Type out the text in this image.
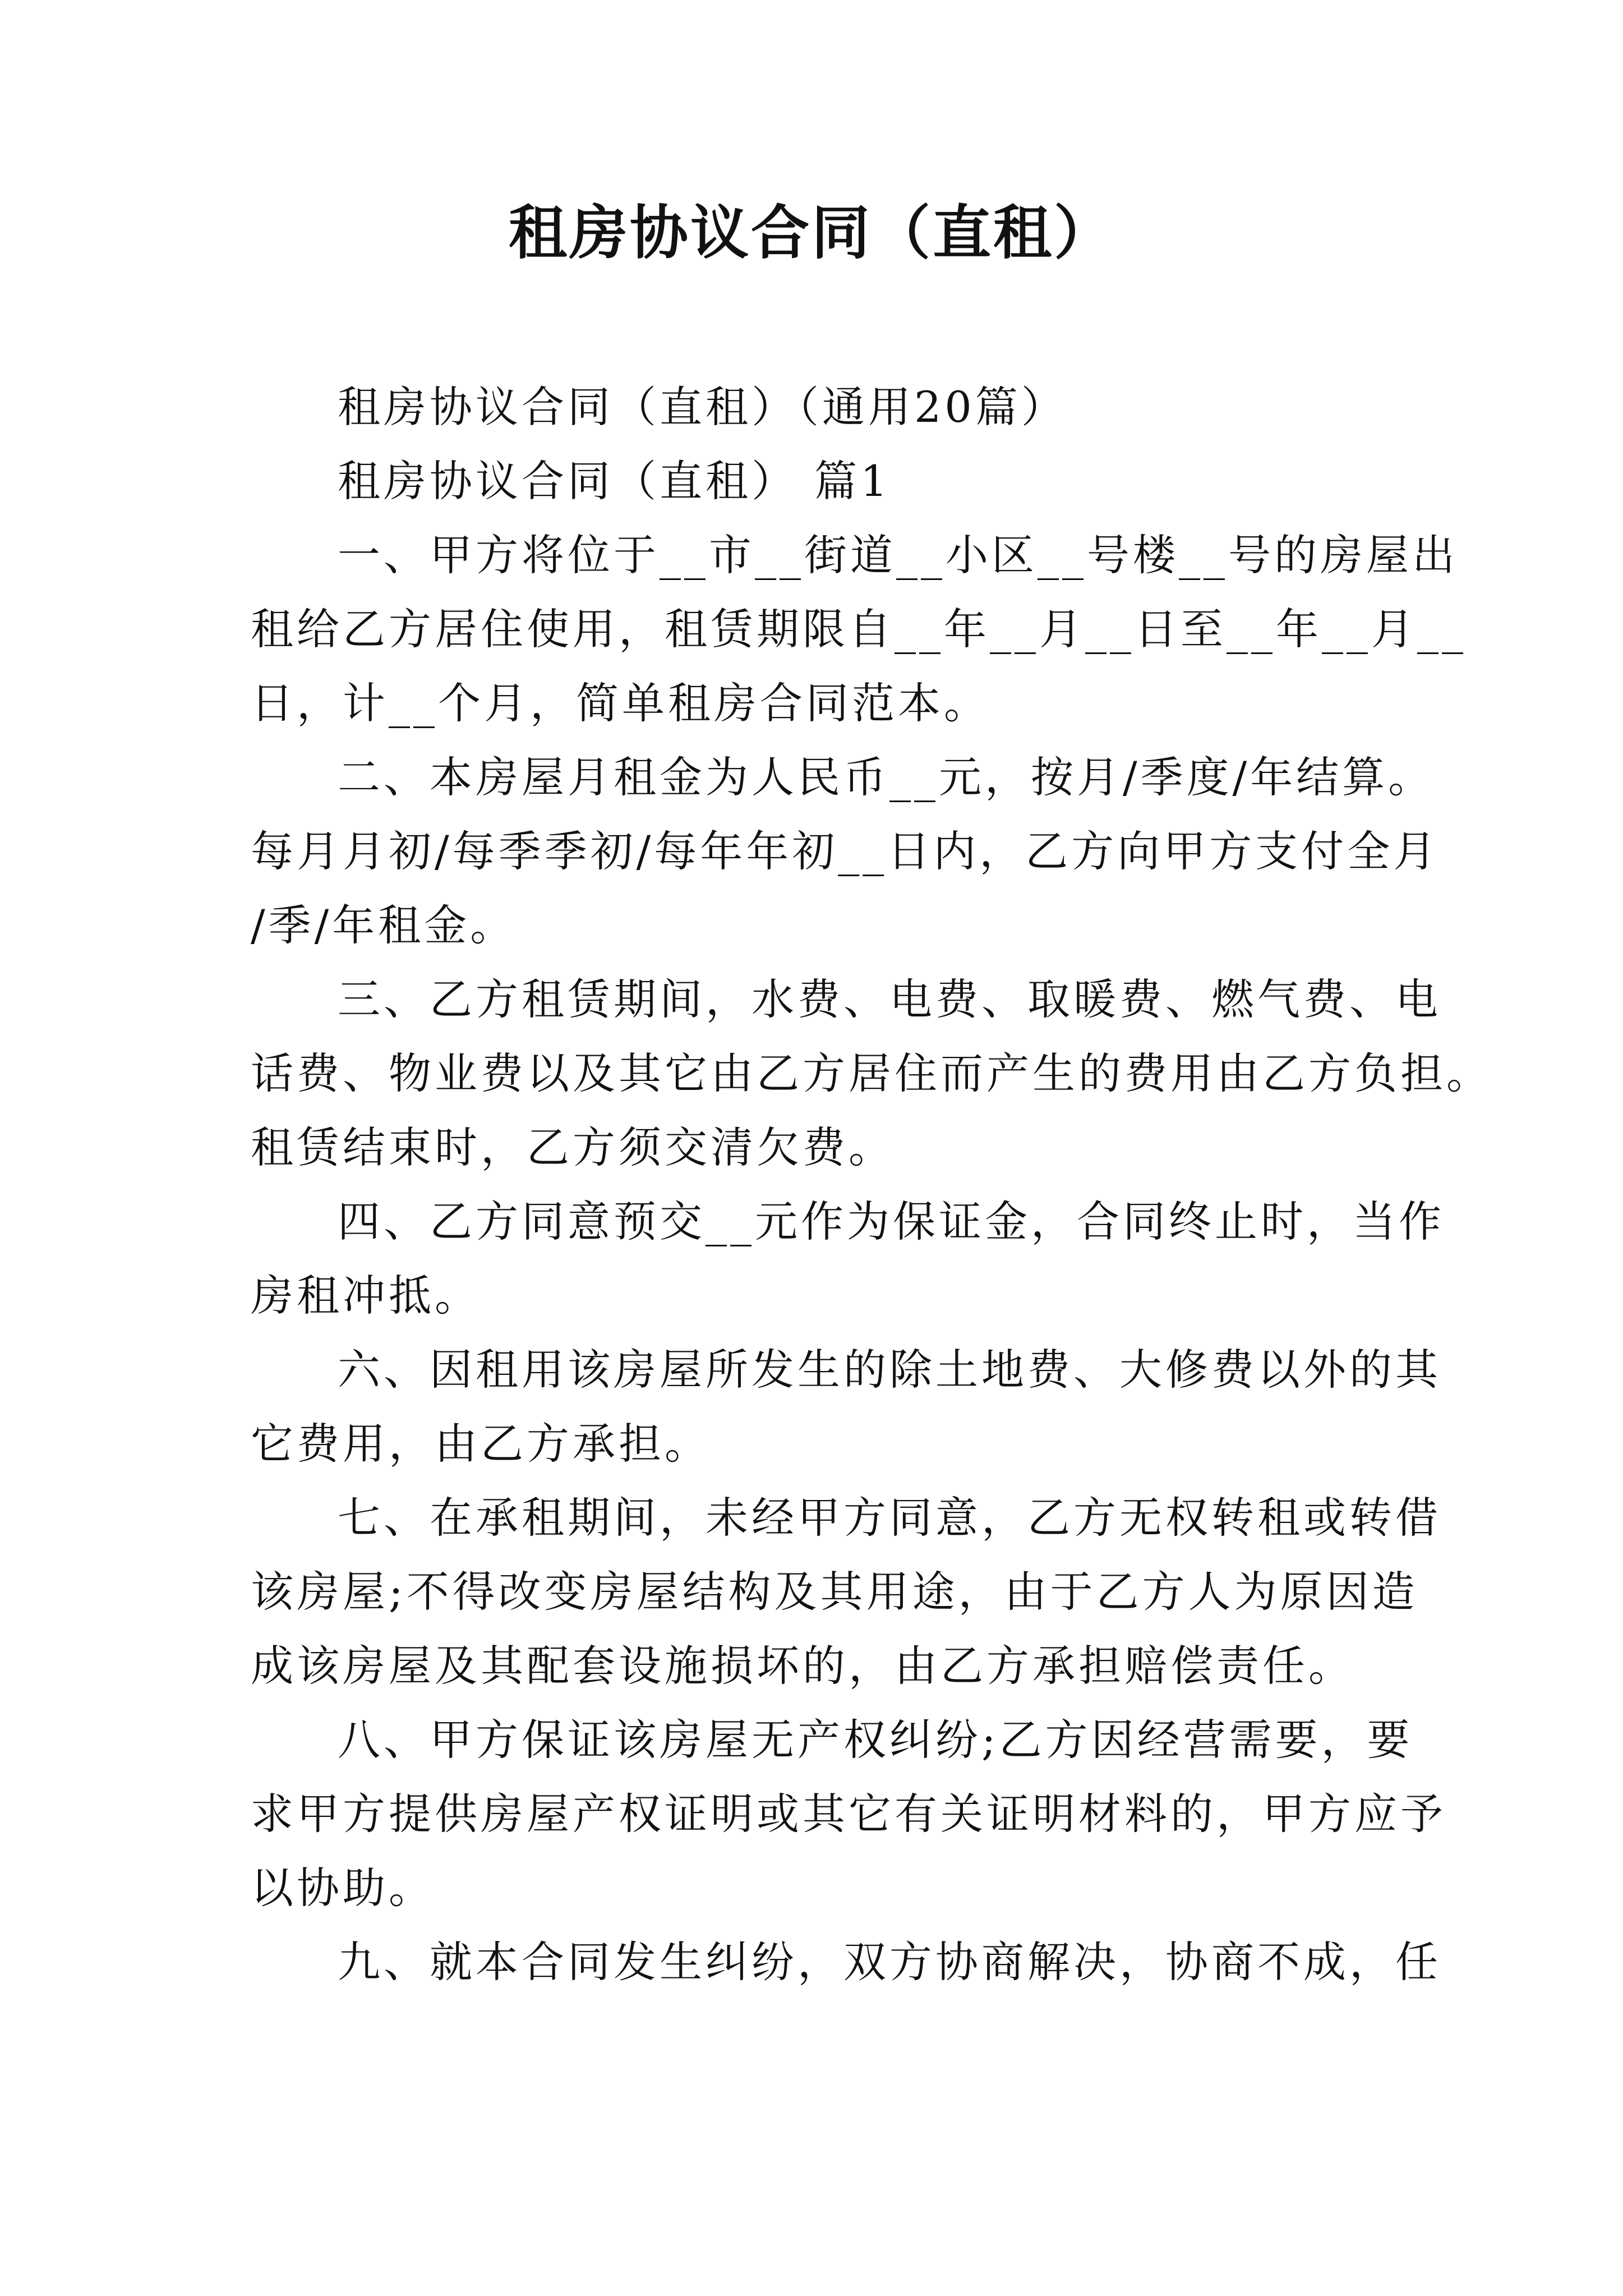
租房协议合同（直租）
租房协议合同（直租）（通用20篇）
租房协议合同（直租） 篇1
一、甲方将位于__市__街道__小区__号楼__号的房屋出
租给乙方居住使用，租赁期限自__年__月__日至__年__月__
日，计__个月，简单租房合同范本。
二、本房屋月租金为人民币__元，按月/季度/年结算。
每月月初/每季季初/每年年初__日内，乙方向甲方支付全月
/季/年租金。
三、乙方租赁期间，水费、电费、取暖费、燃气费、电
话费、物业费以及其它由乙方居住而产生的费用由乙方负担。
租赁结束时，乙方须交清欠费。
四、乙方同意预交__元作为保证金，合同终止时，当作
房租冲抵。
六、因租用该房屋所发生的除土地费、大修费以外的其
它费用，由乙方承担。
七、在承租期间，未经甲方同意，乙方无权转租或转借
该房屋;不得改变房屋结构及其用途，由于乙方人为原因造
成该房屋及其配套设施损坏的，由乙方承担赔偿责任。
八、甲方保证该房屋无产权纠纷;乙方因经营需要，要
求甲方提供房屋产权证明或其它有关证明材料的，甲方应予
以协助。
九、就本合同发生纠纷，双方协商解决，协商不成，任
